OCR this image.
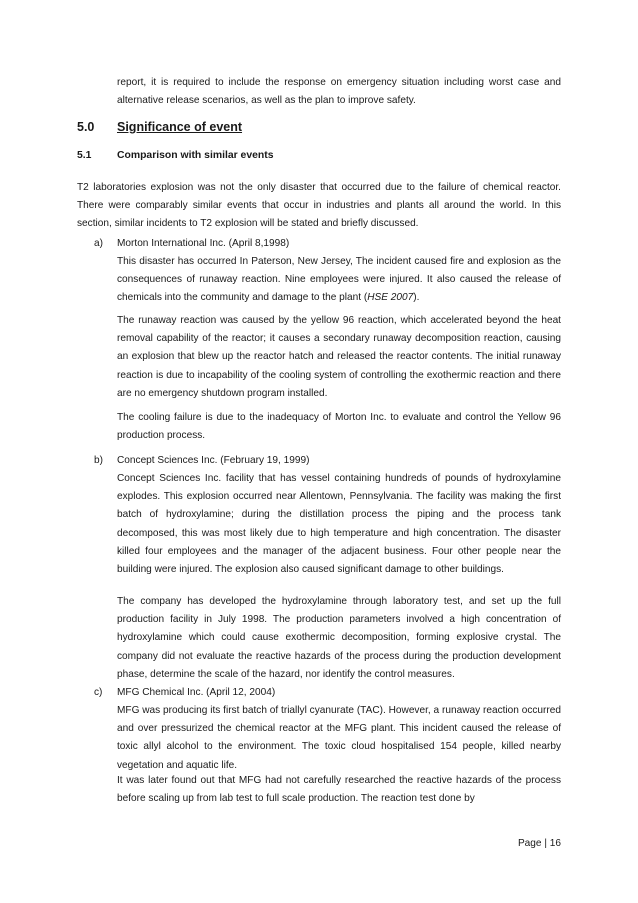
report, it is required to include the response on emergency situation including worst case and alternative release scenarios, as well as the plan to improve safety.

5.0 Significance of event

5.1 Comparison with similar events

T2 laboratories explosion was not the only disaster that occurred due to the failure of chemical reactor. There were comparably similar events that occur in industries and plants all around the world. In this section, similar incidents to T2 explosion will be stated and briefly discussed.

a) Morton International Inc. (April 8,1998)

This disaster has occurred In Paterson, New Jersey, The incident caused fire and explosion as the consequences of runaway reaction. Nine employees were injured. It also caused the release of chemicals into the community and damage to the plant (HSE 2007).

The runaway reaction was caused by the yellow 96 reaction, which accelerated beyond the heat removal capability of the reactor; it causes a secondary runaway decomposition reaction, causing an explosion that blew up the reactor hatch and released the reactor contents. The initial runaway reaction is due to incapability of the cooling system of controlling the exothermic reaction and there are no emergency shutdown program installed.

The cooling failure is due to the inadequacy of Morton Inc. to evaluate and control the Yellow 96 production process.

b) Concept Sciences Inc. (February 19, 1999)

Concept Sciences Inc. facility that has vessel containing hundreds of pounds of hydroxylamine explodes. This explosion occurred near Allentown, Pennsylvania. The facility was making the first batch of hydroxylamine; during the distillation process the piping and the process tank decomposed, this was most likely due to high temperature and high concentration. The disaster killed four employees and the manager of the adjacent business. Four other people near the building were injured. The explosion also caused significant damage to other buildings.

The company has developed the hydroxylamine through laboratory test, and set up the full production facility in July 1998. The production parameters involved a high concentration of hydroxylamine which could cause exothermic decomposition, forming explosive crystal. The company did not evaluate the reactive hazards of the process during the production development phase, determine the scale of the hazard, nor identify the control measures.

c) MFG Chemical Inc. (April 12, 2004)

MFG was producing its first batch of triallyl cyanurate (TAC). However, a runaway reaction occurred and over pressurized the chemical reactor at the MFG plant. This incident caused the release of toxic allyl alcohol to the environment. The toxic cloud hospitalised 154 people, killed nearby vegetation and aquatic life.

It was later found out that MFG had not carefully researched the reactive hazards of the process before scaling up from lab test to full scale production. The reaction test done by

Page | 16
